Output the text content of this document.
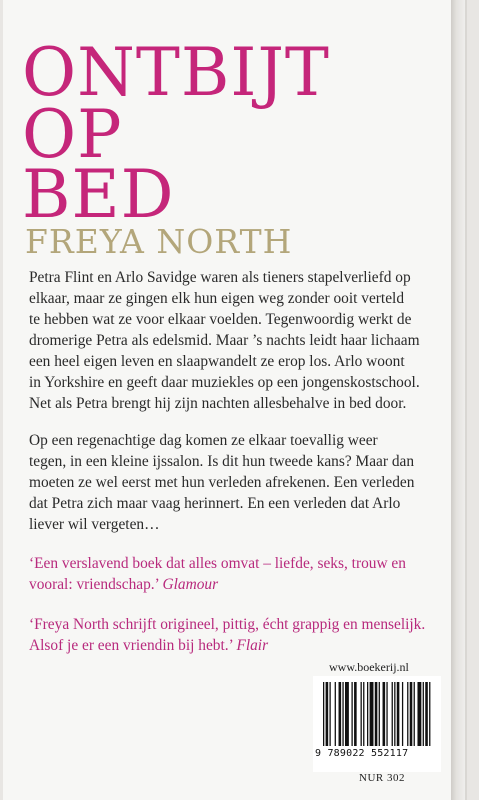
ONTBIJT
OP
BED
FREYA NORTH

Petra Flint en Arlo Savidge waren als tieners stapelverliefd op
elkaar, maar ze gingen elk hun eigen weg zonder ooit verteld
te hebben wat ze voor elkaar voelden. Tegenwoordig werkt de
dromerige Petra als edelsmid. Maar ’s nachts leidt haar lichaam
een heel eigen leven en slaapwandelt ze erop los. Arlo woont
in Yorkshire en geeft daar muziekles op een jongenskostschool.
Net als Petra brengt hij zijn nachten allesbehalve in bed door.

Op een regenachtige dag komen ze elkaar toevallig weer
tegen, in een kleine ijssalon. Is dit hun tweede kans? Maar dan
moeten ze wel eerst met hun verleden afrekenen. Een verleden
dat Petra zich maar vaag herinnert. En een verleden dat Arlo
liever wil vergeten…

‘Een verslavend boek dat alles omvat – liefde, seks, trouw en
vooral: vriendschap.’ Glamour

‘Freya North schrijft origineel, pittig, écht grappig en menselijk.
Alsof je er een vriendin bij hebt.’ Flair

www.boekerij.nl
9 789022 552117
NUR 302
